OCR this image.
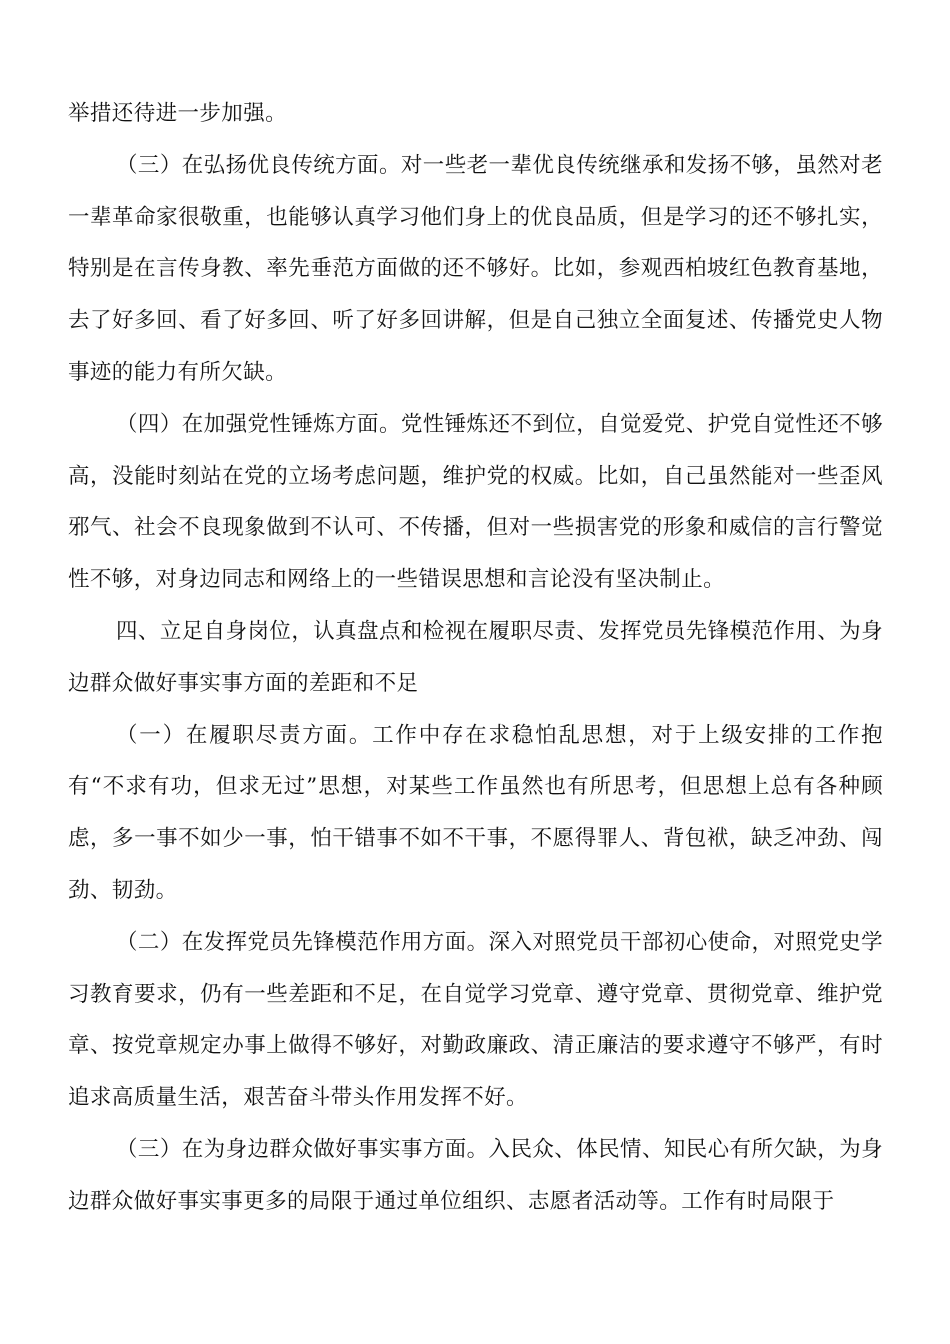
举措还待进一步加强。

（三）在弘扬优良传统方面。对一些老一辈优良传统继承和发扬不够，虽然对老一辈革命家很敬重，也能够认真学习他们身上的优良品质，但是学习的还不够扎实，特别是在言传身教、率先垂范方面做的还不够好。比如，参观西柏坡红色教育基地，去了好多回、看了好多回、听了好多回讲解，但是自己独立全面复述、传播党史人物事迹的能力有所欠缺。

（四）在加强党性锤炼方面。党性锤炼还不到位，自觉爱党、护党自觉性还不够高，没能时刻站在党的立场考虑问题，维护党的权威。比如，自己虽然能对一些歪风邪气、社会不良现象做到不认可、不传播，但对一些损害党的形象和威信的言行警觉性不够，对身边同志和网络上的一些错误思想和言论没有坚决制止。

四、立足自身岗位，认真盘点和检视在履职尽责、发挥党员先锋模范作用、为身边群众做好事实事方面的差距和不足

（一）在履职尽责方面。工作中存在求稳怕乱思想，对于上级安排的工作抱有“不求有功，但求无过”思想，对某些工作虽然也有所思考，但思想上总有各种顾虑，多一事不如少一事，怕干错事不如不干事，不愿得罪人、背包袱，缺乏冲劲、闯劲、韧劲。

（二）在发挥党员先锋模范作用方面。深入对照党员干部初心使命，对照党史学习教育要求，仍有一些差距和不足，在自觉学习党章、遵守党章、贯彻党章、维护党章、按党章规定办事上做得不够好，对勤政廉政、清正廉洁的要求遵守不够严，有时追求高质量生活，艰苦奋斗带头作用发挥不好。

（三）在为身边群众做好事实事方面。入民众、体民情、知民心有所欠缺，为身边群众做好事实事更多的局限于通过单位组织、志愿者活动等。工作有时局限于
